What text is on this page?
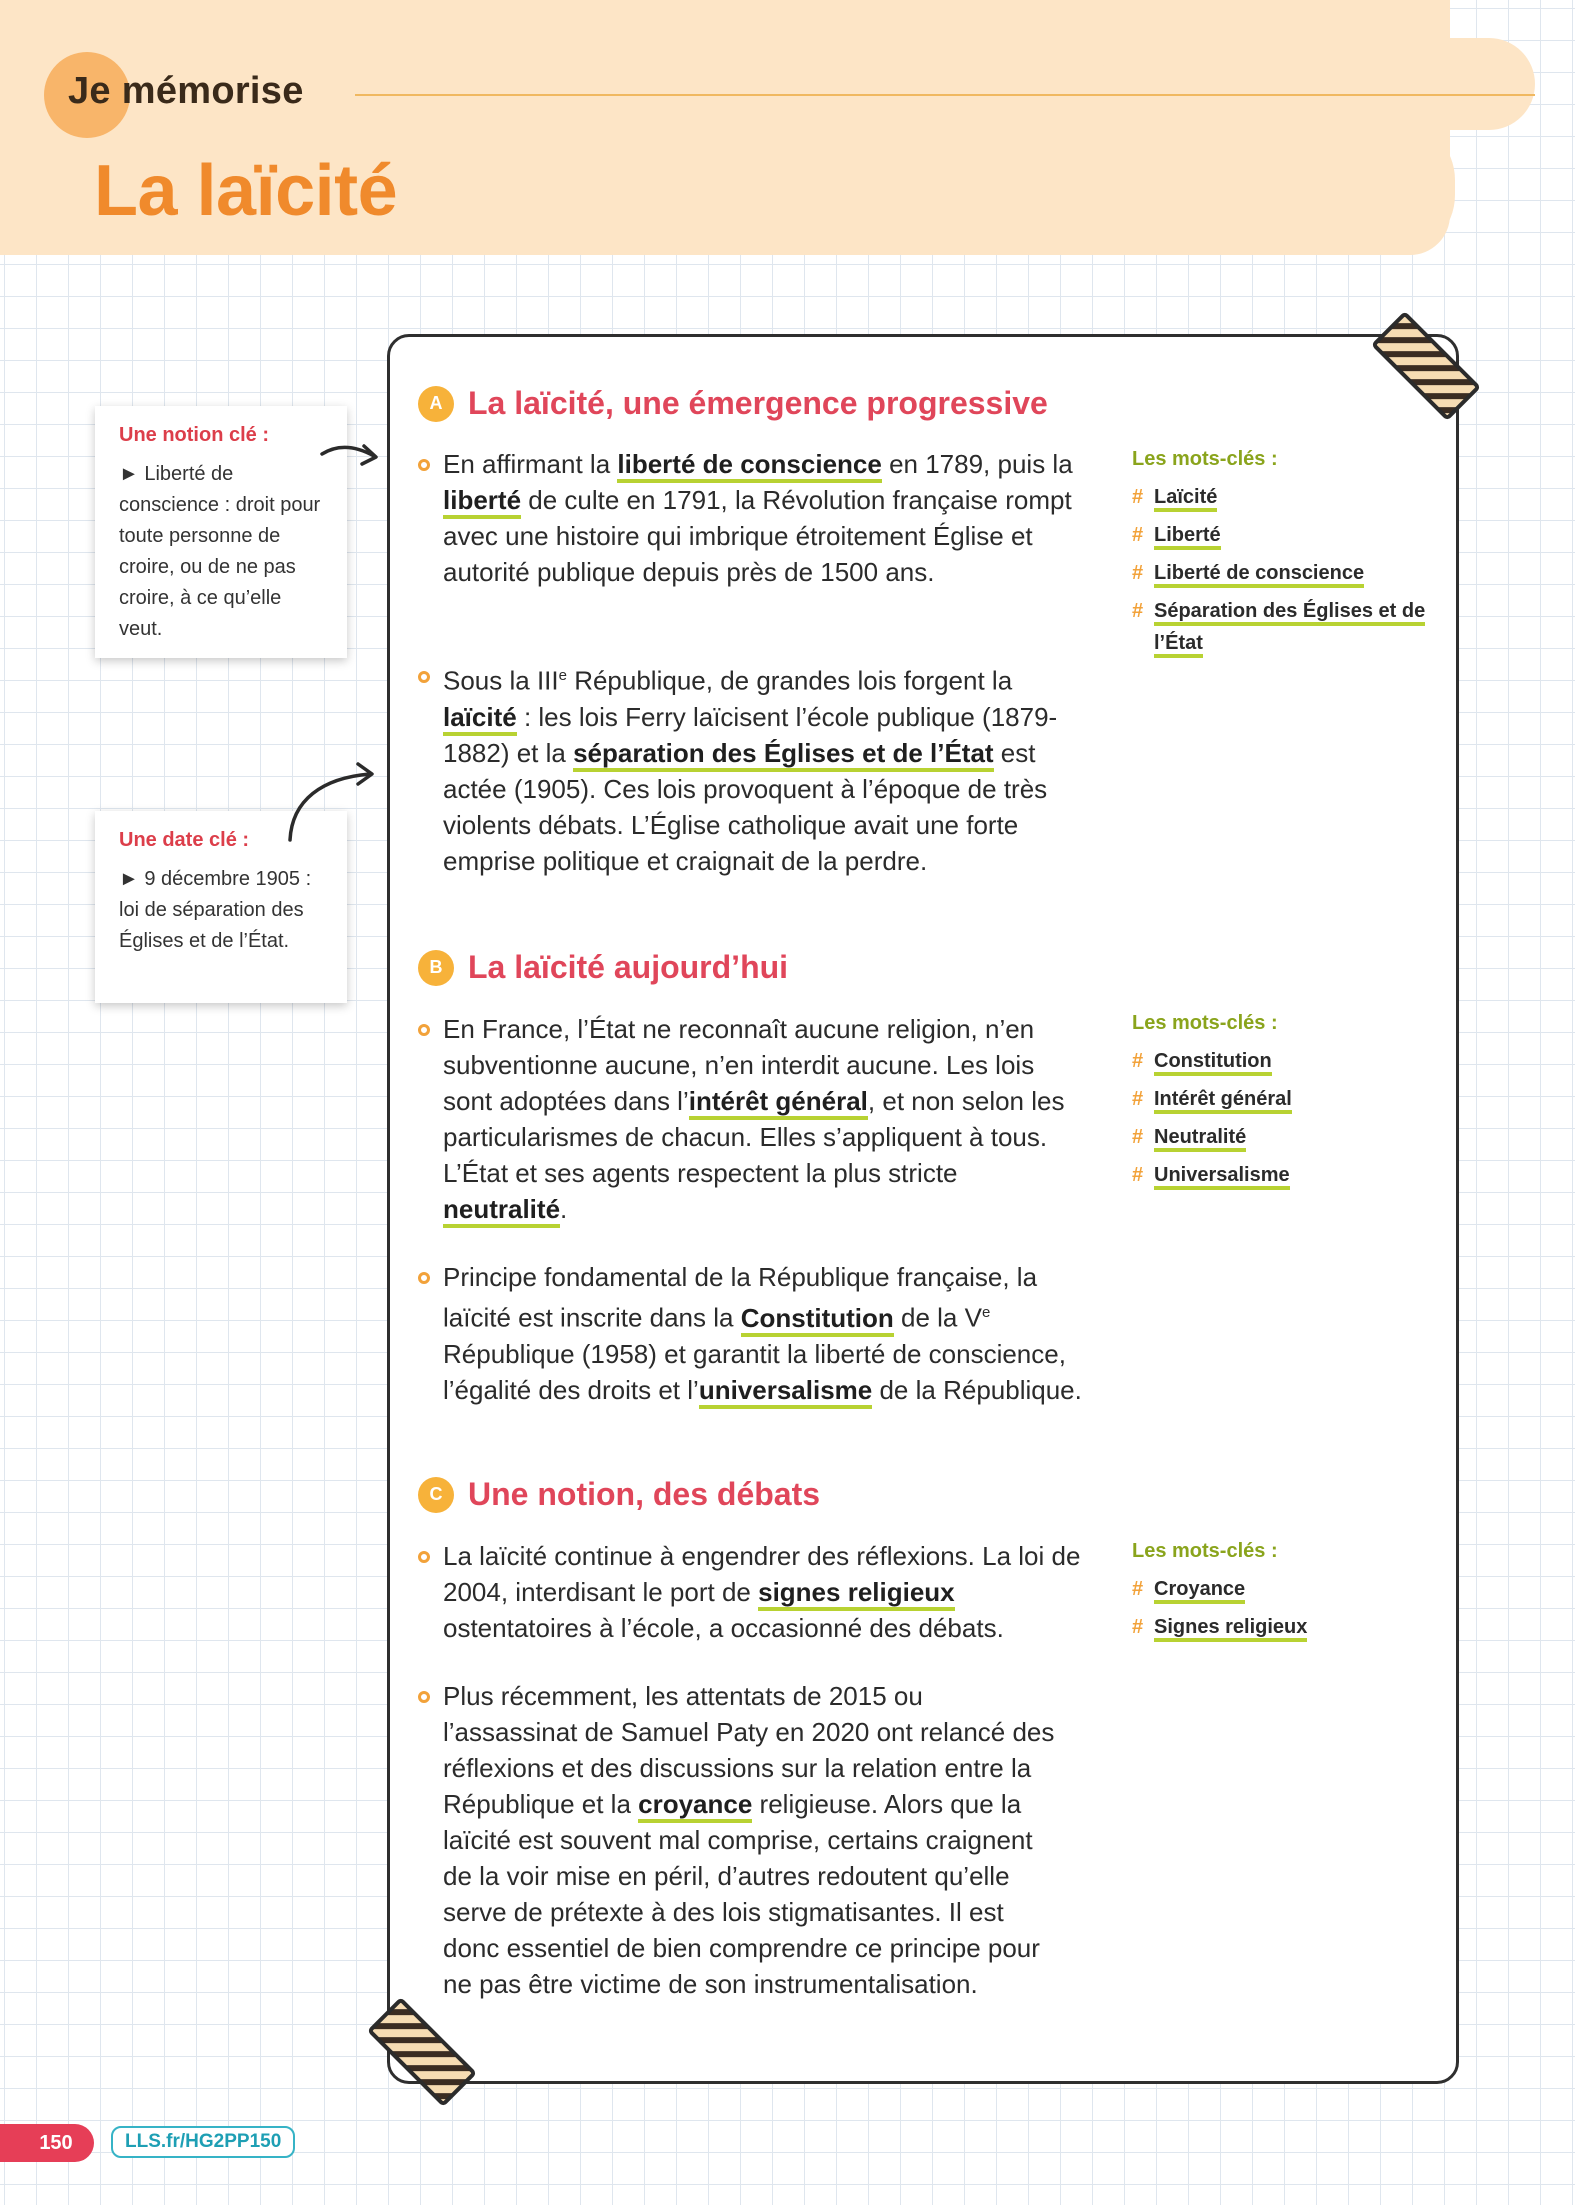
Je mémorise
La laïcité
Une notion clé :
► Liberté de conscience : droit pour toute personne de croire, ou de ne pas croire, à ce qu’elle veut.
Une date clé :
► 9 décembre 1905 : loi de séparation des Églises et de l’État.
A La laïcité, une émergence progressive
En affirmant la liberté de conscience en 1789, puis la liberté de culte en 1791, la Révolution française rompt avec une histoire qui imbrique étroitement Église et autorité publique depuis près de 1500 ans.
Sous la IIIe République, de grandes lois forgent la laïcité : les lois Ferry laïcisent l’école publique (1879-1882) et la séparation des Églises et de l’État est actée (1905). Ces lois provoquent à l’époque de très violents débats. L’Église catholique avait une forte emprise politique et craignait de la perdre.
Les mots-clés :
# Laïcité
# Liberté
# Liberté de conscience
# Séparation des Églises et de l’État
B La laïcité aujourd’hui
En France, l’État ne reconnaît aucune religion, n’en subventionne aucune, n’en interdit aucune. Les lois sont adoptées dans l’intérêt général, et non selon les particularismes de chacun. Elles s’appliquent à tous. L’État et ses agents respectent la plus stricte neutralité.
Principe fondamental de la République française, la laïcité est inscrite dans la Constitution de la Ve République (1958) et garantit la liberté de conscience, l’égalité des droits et l’universalisme de la République.
Les mots-clés :
# Constitution
# Intérêt général
# Neutralité
# Universalisme
C Une notion, des débats
La laïcité continue à engendrer des réflexions. La loi de 2004, interdisant le port de signes religieux ostentatoires à l’école, a occasionné des débats.
Plus récemment, les attentats de 2015 ou l’assassinat de Samuel Paty en 2020 ont relancé des réflexions et des discussions sur la relation entre la République et la croyance religieuse. Alors que la laïcité est souvent mal comprise, certains craignent de la voir mise en péril, d’autres redoutent qu’elle serve de prétexte à des lois stigmatisantes. Il est donc essentiel de bien comprendre ce principe pour ne pas être victime de son instrumentalisation.
Les mots-clés :
# Croyance
# Signes religieux
150	LLS.fr/HG2PP150
